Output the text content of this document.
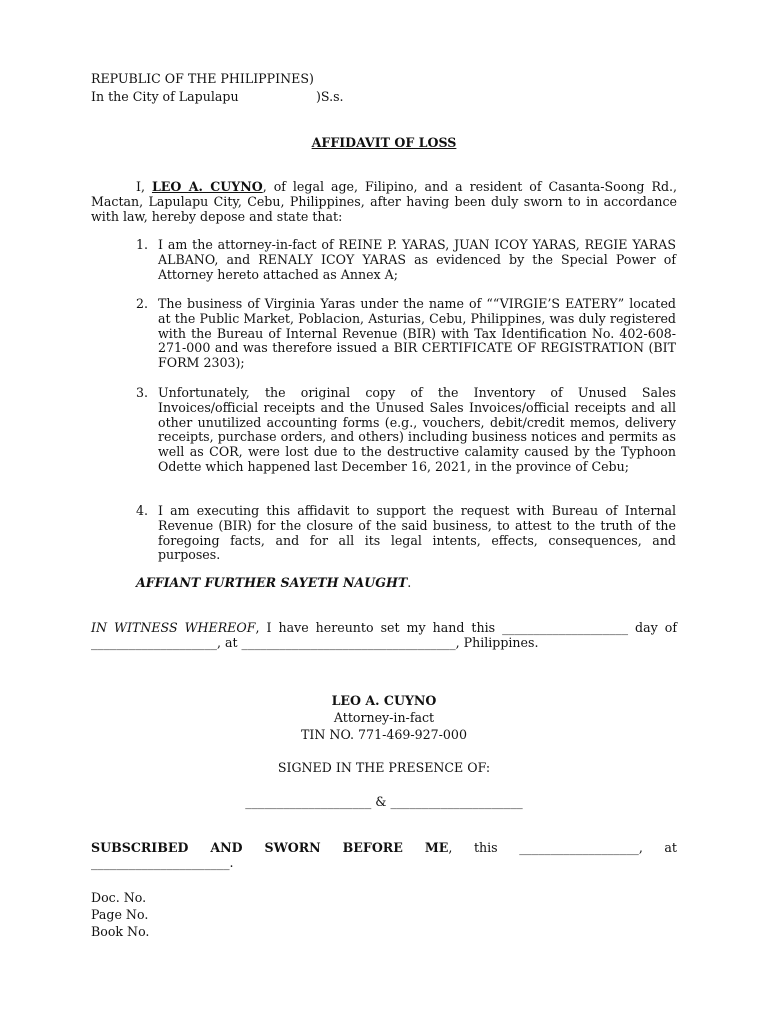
REPUBLIC OF THE PHILIPPINES)
In the City of Lapulapu	)S.s.
AFFIDAVIT OF LOSS
I, LEO A. CUYNO, of legal age, Filipino, and a resident of Casanta-Soong Rd., Mactan, Lapulapu City, Cebu, Philippines, after having been duly sworn to in accordance with law, hereby depose and state that:
1. I am the attorney-in-fact of REINE P. YARAS, JUAN ICOY YARAS, REGIE YARAS ALBANO, and RENALY ICOY YARAS as evidenced by the Special Power of Attorney hereto attached as Annex A;
2. The business of Virginia Yaras under the name of ““VIRGIE’S EATERY” located at the Public Market, Poblacion, Asturias, Cebu, Philippines, was duly registered with the Bureau of Internal Revenue (BIR) with Tax Identification No. 402-608-271-000 and was therefore issued a BIR CERTIFICATE OF REGISTRATION (BIT FORM 2303);
3. Unfortunately, the original copy of the Inventory of Unused Sales Invoices/official receipts and the Unused Sales Invoices/official receipts and all other unutilized accounting forms (e.g., vouchers, debit/credit memos, delivery receipts, purchase orders, and others) including business notices and permits as well as COR, were lost due to the destructive calamity caused by the Typhoon Odette which happened last December 16, 2021, in the province of Cebu;
4. I am executing this affidavit to support the request with Bureau of Internal Revenue (BIR) for the closure of the said business, to attest to the truth of the foregoing facts, and for all its legal intents, effects, consequences, and purposes.
AFFIANT FURTHER SAYETH NAUGHT.
IN WITNESS WHEREOF, I have hereunto set my hand this ____________________ day of ____________________, at __________________________________, Philippines.
LEO A. CUYNO
Attorney-in-fact
TIN NO. 771-469-927-000
SIGNED IN THE PRESENCE OF:
____________________ & _____________________
SUBSCRIBED AND SWORN BEFORE ME, this ___________________, at ______________________.
Doc. No.
Page No.
Book No.
